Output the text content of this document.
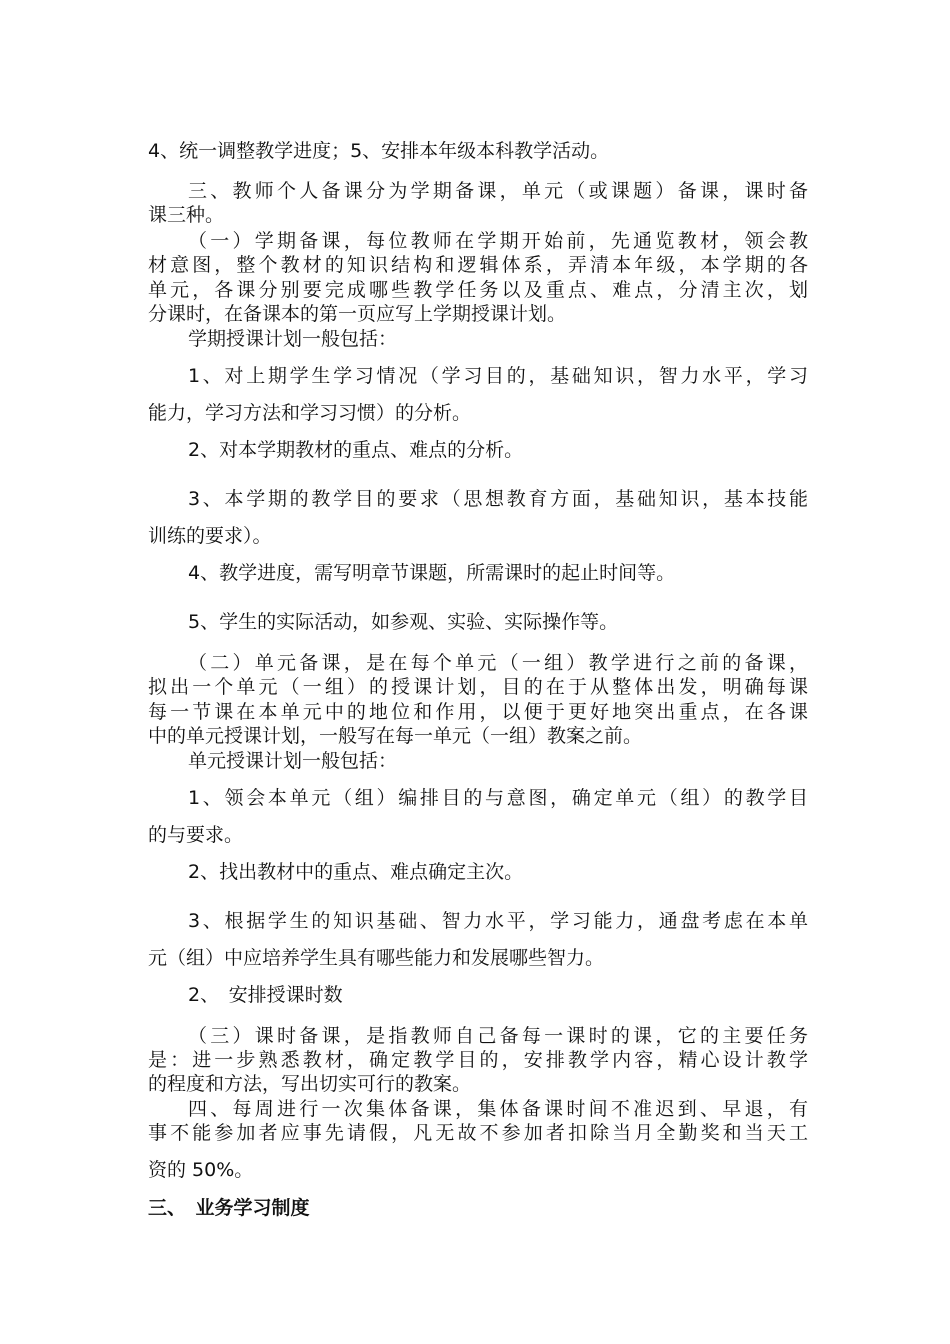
4、统一调整教学进度；5、安排本年级本科教学活动。
三、教师个人备课分为学期备课，单元（或课题）备课，课时备
课三种。
（一）学期备课，每位教师在学期开始前，先通览教材，领会教
材意图，整个教材的知识结构和逻辑体系，弄清本年级，本学期的各
单元，各课分别要完成哪些教学任务以及重点、难点，分清主次，划
分课时，在备课本的第一页应写上学期授课计划。
学期授课计划一般包括：
1、对上期学生学习情况（学习目的，基础知识，智力水平，学习
能力，学习方法和学习习惯）的分析。
2、对本学期教材的重点、难点的分析。
3、本学期的教学目的要求（思想教育方面，基础知识，基本技能
训练的要求）。
4、教学进度，需写明章节课题，所需课时的起止时间等。
5、学生的实际活动，如参观、实验、实际操作等。
（二）单元备课，是在每个单元（一组）教学进行之前的备课，
拟出一个单元（一组）的授课计划，目的在于从整体出发，明确每课
每一节课在本单元中的地位和作用，以便于更好地突出重点，在各课
中的单元授课计划，一般写在每一单元（一组）教案之前。
单元授课计划一般包括：
1、领会本单元（组）编排目的与意图，确定单元（组）的教学目
的与要求。
2、找出教材中的重点、难点确定主次。
3、根据学生的知识基础、智力水平，学习能力，通盘考虑在本单
元（组）中应培养学生具有哪些能力和发展哪些智力。
2、　安排授课时数
（三）课时备课，是指教师自己备每一课时的课，它的主要任务
是：进一步熟悉教材，确定教学目的，安排教学内容，精心设计教学
的程度和方法，写出切实可行的教案。
四、每周进行一次集体备课，集体备课时间不准迟到、早退，有
事不能参加者应事先请假，凡无故不参加者扣除当月全勤奖和当天工
资的 50%。
三、　业务学习制度
